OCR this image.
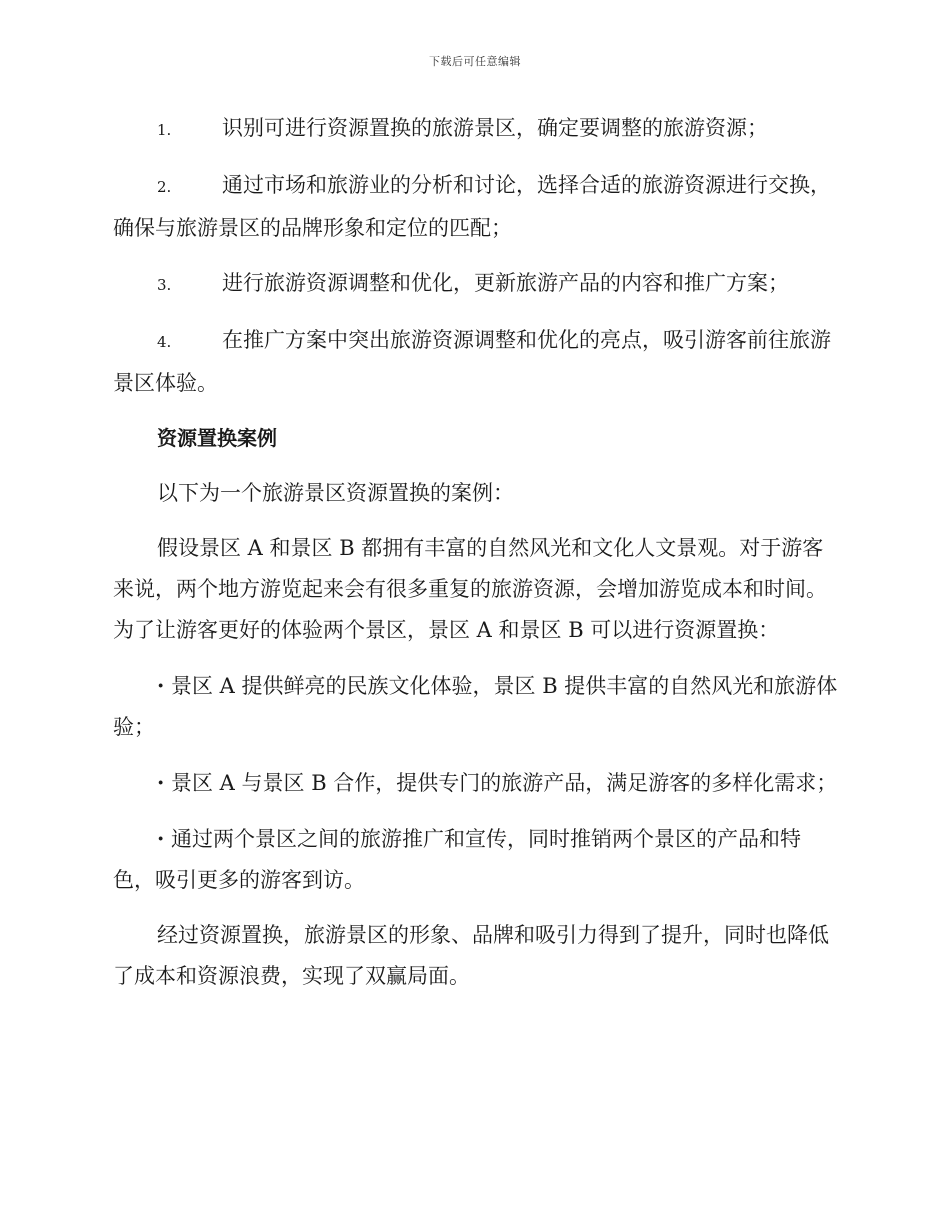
下载后可任意编辑

1. 识别可进行资源置换的旅游景区，确定要调整的旅游资源；

2. 通过市场和旅游业的分析和讨论，选择合适的旅游资源进行交换，确保与旅游景区的品牌形象和定位的匹配；

3. 进行旅游资源调整和优化，更新旅游产品的内容和推广方案；

4. 在推广方案中突出旅游资源调整和优化的亮点，吸引游客前往旅游景区体验。

资源置换案例

以下为一个旅游景区资源置换的案例：

假设景区 A 和景区 B 都拥有丰富的自然风光和文化人文景观。对于游客来说，两个地方游览起来会有很多重复的旅游资源，会增加游览成本和时间。为了让游客更好的体验两个景区，景区 A 和景区 B 可以进行资源置换：

· 景区 A 提供鲜亮的民族文化体验，景区 B 提供丰富的自然风光和旅游体验；

· 景区 A 与景区 B 合作，提供专门的旅游产品，满足游客的多样化需求；

· 通过两个景区之间的旅游推广和宣传，同时推销两个景区的产品和特色，吸引更多的游客到访。

经过资源置换，旅游景区的形象、品牌和吸引力得到了提升，同时也降低了成本和资源浪费，实现了双赢局面。
